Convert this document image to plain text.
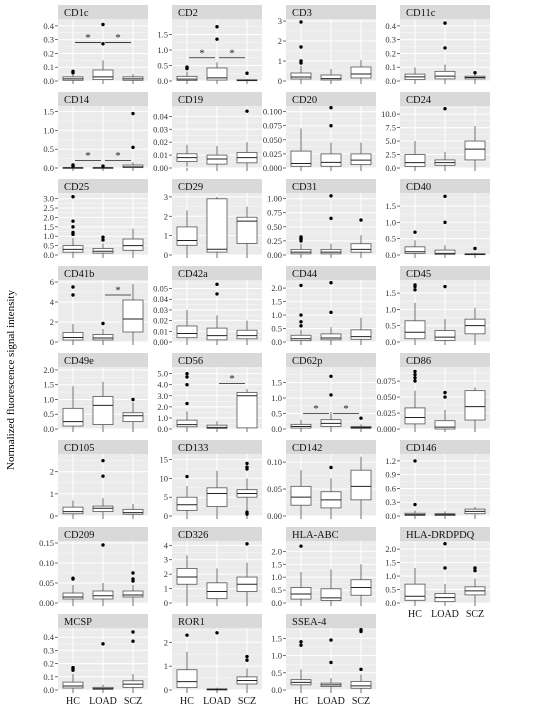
Normalized fluorescence signal intensity
CD1c
0.0
0.1
0.2
0.3
0.4
* *
CD2
0.0
0.5
1.0
1.5
* *
CD3
0
1
2
3
CD11c
0.0
0.1
0.2
0.3
0.4
CD14
0.0
0.5
1.0
1.5
* *
CD19
0.00
0.01
0.02
0.03
0.04
CD20
0.000
0.025
0.050
0.075
0.100
CD24
0.0
2.5
5.0
7.5
10.0
CD25
0.0
0.5
1.0
1.5
2.0
2.5
3.0
CD29
0
1
2
3
CD31
0.00
0.25
0.50
0.75
1.00
CD40
0.0
0.5
1.0
1.5
CD41b
0
2
4
6
*
CD42a
0.00
0.01
0.02
0.03
0.04
0.05
CD44
0.0
0.5
1.0
1.5
2.0
CD45
0.0
0.5
1.0
1.5
CD49e
0.0
0.5
1.0
1.5
2.0
CD56
0.0
1.0
2.0
3.0
4.0
5.0	*
CD62p
0.0
0.5
1.0
1.5
* *
CD86
0.000
0.025
0.050
0.075
CD105
0
1
2
CD133
0
5
10
15
CD142
0.00
0.05
0.10
CD146
0.0
0.3
0.6
0.9
1.2
CD209
0.00
0.05
0.10
0.15
CD326
0
1
2
3
4
HLA-ABC
0.0
0.5
1.0
1.5
2.0
HLA-DRDPDQ
0.0
0.5
1.0
1.5
2.0
MCSP
0.0
0.1
0.2
0.3
0.4
ROR1
0
1
2
SSEA-4
0.0
0.5
1.0
1.5
HC LOAD SCZ	HC LOAD SCZ	HC LOAD SCZ
HC LOAD SCZ
